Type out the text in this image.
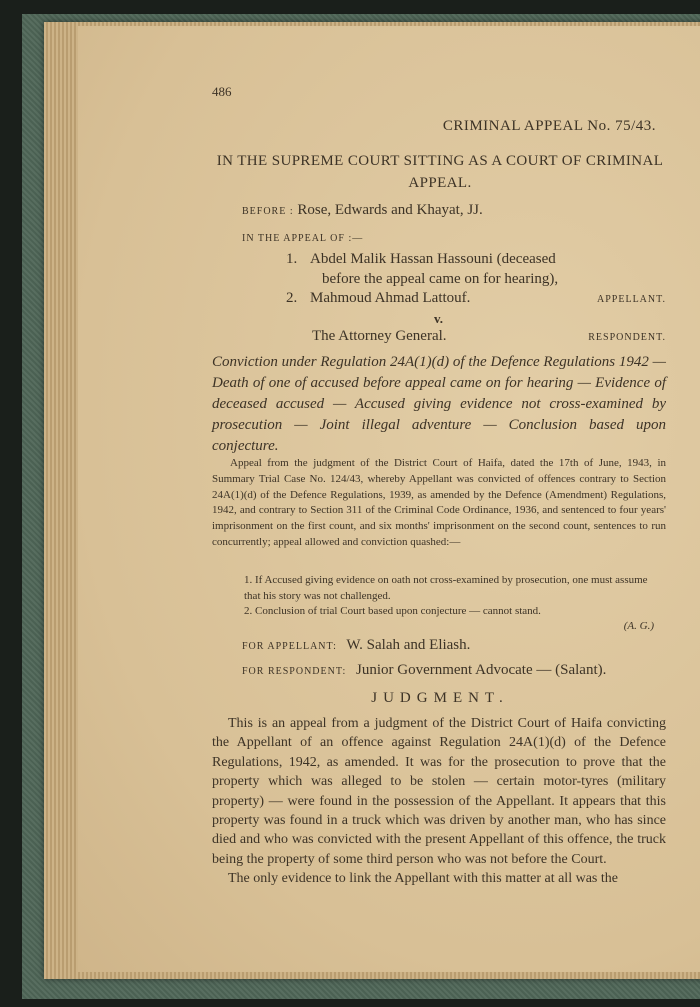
486
CRIMINAL APPEAL No. 75/43.
IN THE SUPREME COURT SITTING AS A COURT OF CRIMINAL APPEAL.
BEFORE : Rose, Edwards and Khayat, JJ.
IN THE APPEAL OF :—
1. Abdel Malik Hassan Hassouni (deceased
before the appeal came on for hearing),
2. Mahmoud Ahmad Lattouf.	APPELLANT.
v.
The Attorney General.	RESPONDENT.
Conviction under Regulation 24A(1)(d) of the Defence Regulations 1942 — Death of one of accused before appeal came on for hearing — Evidence of deceased accused — Accused giving evidence not cross-examined by prosecution — Joint illegal adventure — Conclusion based upon conjecture.
Appeal from the judgment of the District Court of Haifa, dated the 17th of June, 1943, in Summary Trial Case No. 124/43, whereby Appellant was convicted of offences contrary to Section 24A(1)(d) of the Defence Regulations, 1939, as amended by the Defence (Amendment) Regulations, 1942, and contrary to Section 311 of the Criminal Code Ordinance, 1936, and sentenced to four years' imprisonment on the first count, and six months' imprisonment on the second count, sentences to run concurrently; appeal allowed and conviction quashed:—
1. If Accused giving evidence on oath not cross-examined by prosecution, one must assume that his story was not challenged.
2. Conclusion of trial Court based upon conjecture — cannot stand.
(A. G.)
FOR APPELLANT: W. Salah and Eliash.
FOR RESPONDENT: Junior Government Advocate — (Salant).
JUDGMENT.

This is an appeal from a judgment of the District Court of Haifa convicting the Appellant of an offence against Regulation 24A(1)(d) of the Defence Regulations, 1942, as amended. It was for the prosecution to prove that the property which was alleged to be stolen — certain motor-tyres (military property) — were found in the possession of the Appellant. It appears that this property was found in a truck which was driven by another man, who has since died and who was convicted with the present Appellant of this offence, the truck being the property of some third person who was not before the Court.

The only evidence to link the Appellant with this matter at all was the
